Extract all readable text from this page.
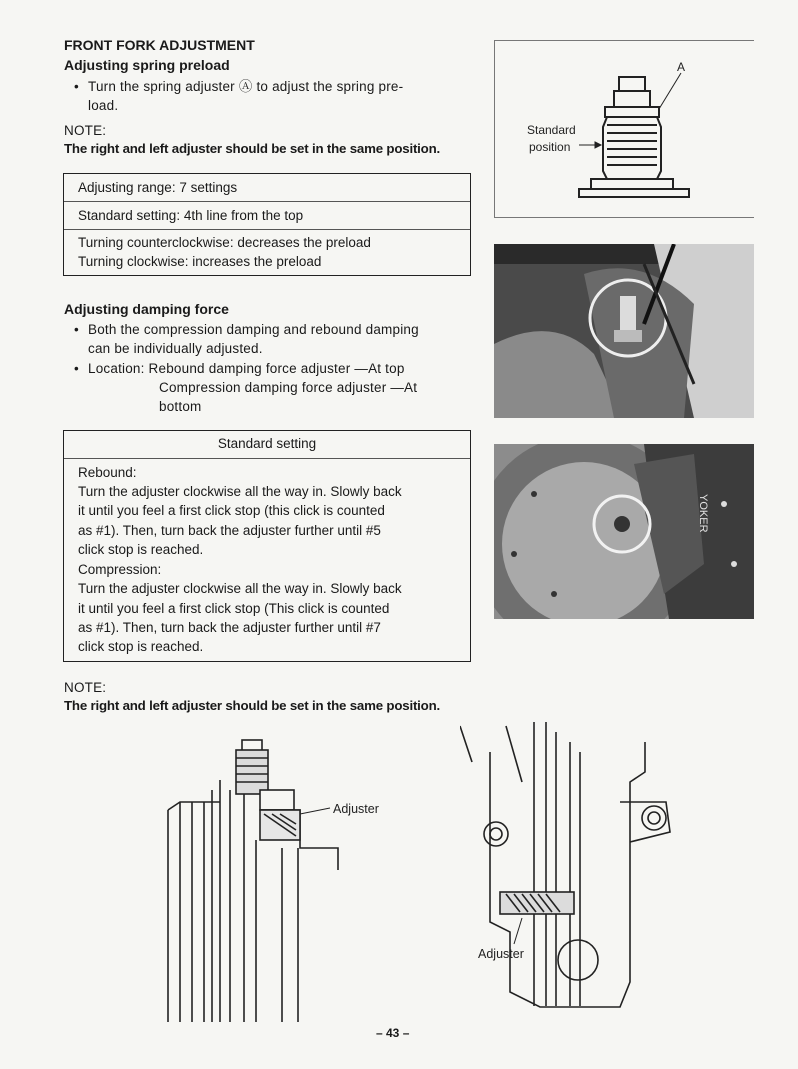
FRONT FORK ADJUSTMENT
Adjusting spring preload
• Turn the spring adjuster Ⓐ to adjust the spring pre-
load.
NOTE:
The right and left adjuster should be set in the same position.
Adjusting range: 7 settings
Standard setting: 4th line from the top
Turning counterclockwise: decreases the preload
Turning clockwise: increases the preload
Adjusting damping force
• Both the compression damping and rebound damping
can be individually adjusted.
• Location: Rebound damping force adjuster —At top
Compression damping force adjuster —At
bottom
Standard setting
Rebound:
Turn the adjuster clockwise all the way in. Slowly back
it until you feel a first click stop (this click is counted
as #1). Then, turn back the adjuster further until #5
click stop is reached.
Compression:
Turn the adjuster clockwise all the way in. Slowly back
it until you feel a first click stop (This click is counted
as #1). Then, turn back the adjuster further until #7
click stop is reached.
NOTE:
The right and left adjuster should be set in the same position.
A
Standard
position
YOKER
Adjuster
Adjuster
– 43 –
